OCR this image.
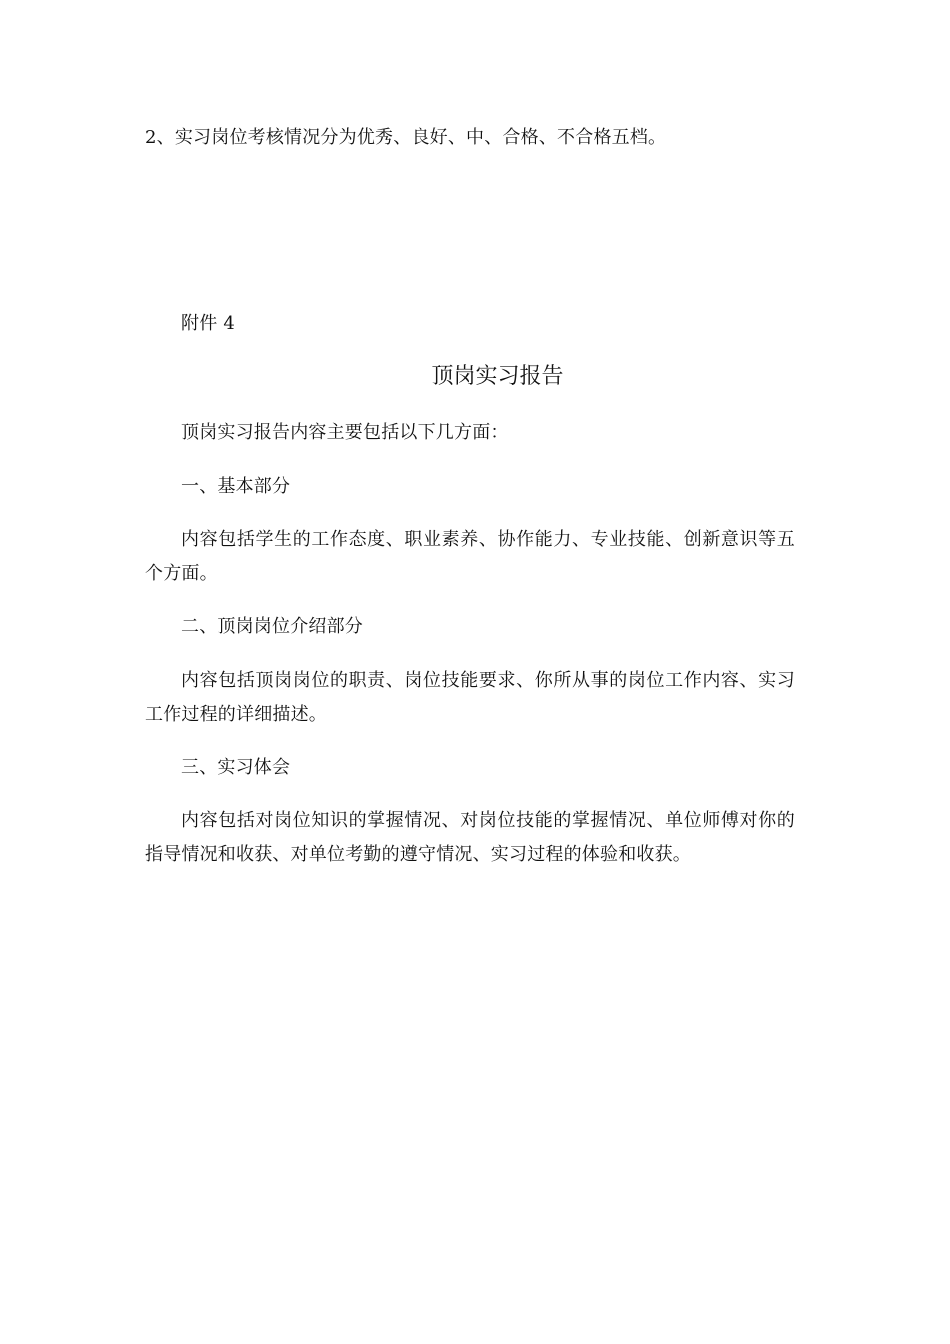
2、实习岗位考核情况分为优秀、良好、中、合格、不合格五档。
附件 4
顶岗实习报告
顶岗实习报告内容主要包括以下几方面：
一、基本部分
内容包括学生的工作态度、职业素养、协作能力、专业技能、创新意识等五个方面。
二、顶岗岗位介绍部分
内容包括顶岗岗位的职责、岗位技能要求、你所从事的岗位工作内容、实习工作过程的详细描述。
三、实习体会
内容包括对岗位知识的掌握情况、对岗位技能的掌握情况、单位师傅对你的指导情况和收获、对单位考勤的遵守情况、实习过程的体验和收获。
